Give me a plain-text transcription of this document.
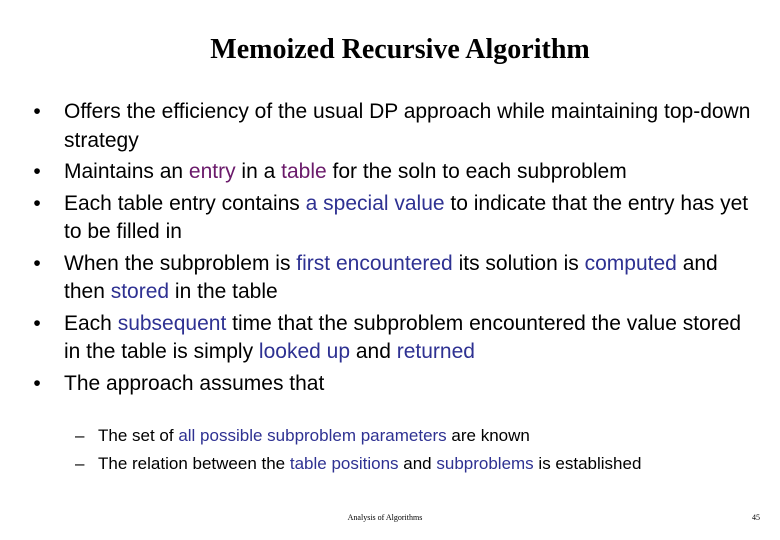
Memoized Recursive Algorithm
• Offers the efficiency of the usual DP approach while maintaining top-down strategy
• Maintains an entry in a table for the soln to each subproblem
• Each table entry contains a special value to indicate that the entry has yet to be filled in
• When the subproblem is first encountered its solution is computed and then stored in the table
• Each subsequent time that the subproblem encountered the value stored in the table is simply looked up and returned
• The approach assumes that
– The set of all possible subproblem parameters are known
– The relation between the table positions and subproblems is established
Analysis of Algorithms	45
